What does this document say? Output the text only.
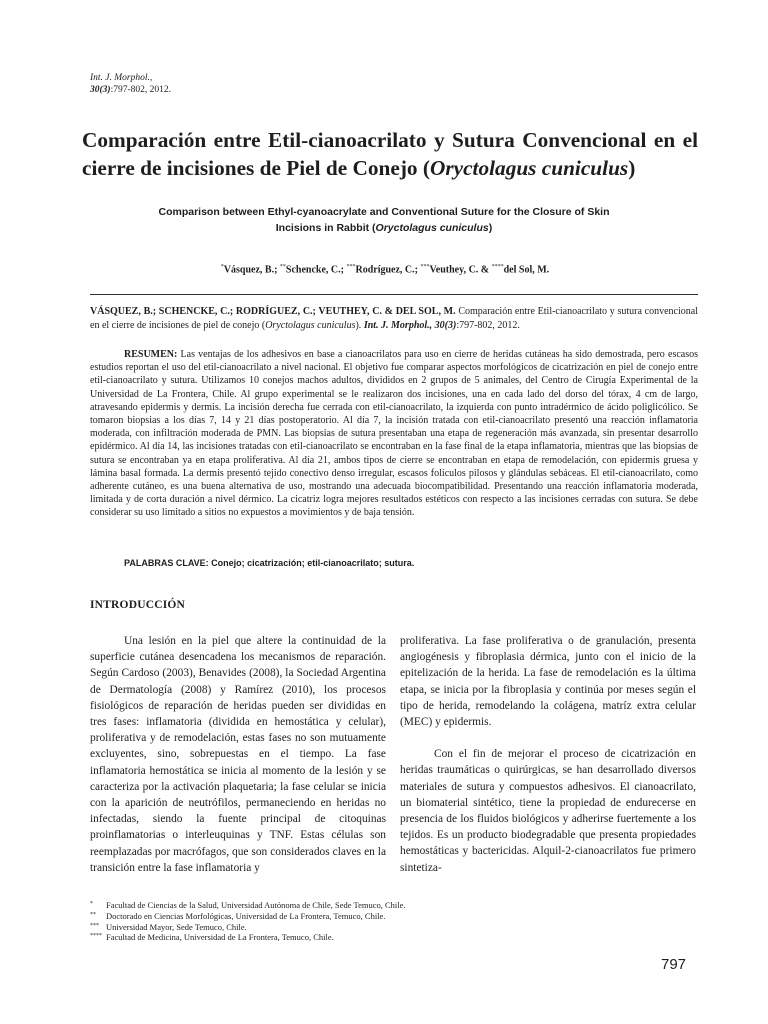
Int. J. Morphol.,
30(3):797-802, 2012.
Comparación entre Etil-cianoacrilato y Sutura Convencional en el cierre de incisiones de Piel de Conejo (Oryctolagus cuniculus)
Comparison between Ethyl-cyanoacrylate and Conventional Suture for the Closure of Skin Incisions in Rabbit (Oryctolagus cuniculus)
*Vásquez, B.; **Schencke, C.; ***Rodríguez, C.; ***Veuthey, C. & ****del Sol, M.
VÁSQUEZ, B.; SCHENCKE, C.; RODRÍGUEZ, C.; VEUTHEY, C. & DEL SOL, M. Comparación entre Etil-cianoacrilato y sutura convencional en el cierre de incisiones de piel de conejo (Oryctolagus cuniculus). Int. J. Morphol., 30(3):797-802, 2012.

RESUMEN: Las ventajas de los adhesivos en base a cianoacrilatos para uso en cierre de heridas cutáneas ha sido demostrada, pero escasos estudios reportan el uso del etil-cianoacrilato a nivel nacional. El objetivo fue comparar aspectos morfológicos de cicatrización en piel de conejo entre etil-cianoacrilato y sutura. Utilizamos 10 conejos machos adultos, divididos en 2 grupos de 5 animales, del Centro de Cirugía Experimental de la Universidad de La Frontera, Chile. Al grupo experimental se le realizaron dos incisiones, una en cada lado del dorso del tórax, 4 cm de largo, atravesando epidermis y dermis. La incisión derecha fue cerrada con etil-cianoacrilato, la izquierda con punto intradérmico de ácido poliglicólico. Se tomaron biopsias a los días 7, 14 y 21 días postoperatorio. Al día 7, la incisión tratada con etil-cianoacrilato presentó una reacción inflamatoria moderada, con infiltración moderada de PMN. Las biopsias de sutura presentaban una etapa de regeneración más avanzada, sin presentar desarrollo epidérmico. Al día 14, las incisiones tratadas con etil-cianoacrilato se encontraban en la fase final de la etapa inflamatoria, mientras que las biopsias de sutura se encontraban ya en etapa proliferativa. Al día 21, ambos tipos de cierre se encontraban en etapa de remodelación, con epidermis gruesa y lámina basal formada. La dermis presentó tejido conectivo denso irregular, escasos folículos pilosos y glándulas sebáceas. El etil-cianoacrilato, como adherente cutáneo, es una buena alternativa de uso, mostrando una adecuada biocompatibilidad. Presentando una reacción inflamatoria moderada, limitada y de corta duración a nivel dérmico. La cicatriz logra mejores resultados estéticos con respecto a las incisiones cerradas con sutura. Se debe considerar su uso limitado a sitios no expuestos a movimientos y de baja tensión.

PALABRAS CLAVE: Conejo; cicatrización; etil-cianoacrilato; sutura.
INTRODUCCIÓN

Una lesión en la piel que altere la continuidad de la superficie cutánea desencadena los mecanismos de reparación. Según Cardoso (2003), Benavides (2008), la Sociedad Argentina de Dermatología (2008) y Ramírez (2010), los procesos fisiológicos de reparación de heridas pueden ser divididas en tres fases: inflamatoria (dividida en hemostática y celular), proliferativa y de remodelación, estas fases no son mutuamente excluyentes, sino, sobrepuestas en el tiempo. La fase inflamatoria hemostática se inicia al momento de la lesión y se caracteriza por la activación plaquetaria; la fase celular se inicia con la aparición de neutrófilos, permaneciendo en heridas no infectadas, siendo la fuente principal de citoquinas proinflamatorias o interleuquinas y TNF. Estas células son reemplazadas por macrófagos, que son considerados claves en la transición entre la fase inflamatoria y

proliferativa. La fase proliferativa o de granulación, presenta angiogénesis y fibroplasia dérmica, junto con el inicio de la epitelización de la herida. La fase de remodelación es la última etapa, se inicia por la fibroplasia y continúa por meses según el tipo de herida, remodelando la colágena, matríz extra celular (MEC) y epidermis.

Con el fin de mejorar el proceso de cicatrización en heridas traumáticas o quirúrgicas, se han desarrollado diversos materiales de sutura y compuestos adhesivos. El cianoacrilato, un biomaterial sintético, tiene la propiedad de endurecerse en presencia de los fluidos biológicos y adherirse fuertemente a los tejidos. Es un producto biodegradable que presenta propiedades hemostáticas y bactericidas. Alquil-2-cianoacrilatos fue primero sintetiza-

*	Facultad de Ciencias de la Salud, Universidad Autónoma de Chile, Sede Temuco, Chile.
**	Doctorado en Ciencias Morfológicas, Universidad de La Frontera, Temuco, Chile.
*** Universidad Mayor, Sede Temuco, Chile.
**** Facultad de Medicina, Universidad de La Frontera, Temuco, Chile.
797
